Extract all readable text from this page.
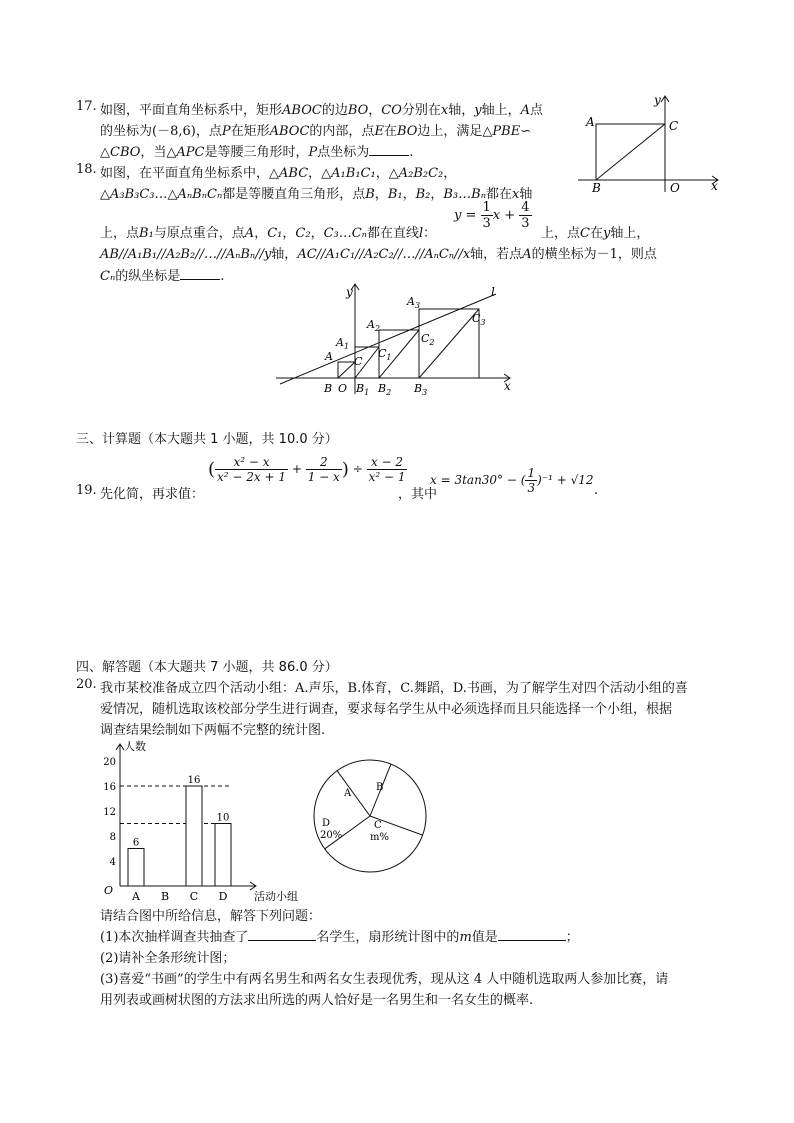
17. 如图，平面直角坐标系中，矩形ABOC的边BO，CO分别在x轴，y轴上，A点
的坐标为(－8,6)，点P在矩形ABOC的内部，点E在BO边上，满足△PBE∽
△CBO，当△APC是等腰三角形时，P点坐标为	.
A	C
B	O	x
y
18. 如图，在平面直角坐标系中，△ABC，△A₁B₁C₁，△A₂B₂C₂，
△A₃B₃C₃…△AₙBₙCₙ都是等腰直角三角形，点B，B₁，B₂，B₃…Bₙ都在x轴
上，点B₁与原点重合，点A，C₁，C₂，C₃…Cₙ都在直线l：
$y = \frac{1}{3}$ $x + \frac{4}{3}$
上，点C在y轴上，
AB//A₁B₁//A₂B₂//…//AₙBₙ//y轴，AC//A₁C₁//A₂C₂//…//AₙCₙ//x轴，若点A的横坐标为－1，则点
Cₙ的纵坐标是	.
y
x
l
A C
$A_1$
$C_1$
$A_2$
$C_2$
$A_3$
$C_3$
B O $B_1$ $B_2$ $B_3$
三、计算题（本大题共 1 小题，共 10.0 分）
19. 先化简，再求值：
( $\frac{\text{x² − x}}{\text{x² − 2x + 1}} + \frac{2}{1 - x}$ ) ÷ $\frac{x - 2}{\text{x² − 1}}$
，其中
x = 3tan30° − ( $\frac{1}{3} )^{-1} + √12$
.
四、解答题（本大题共 7 小题，共 86.0 分）
20. 我市某校准备成立四个活动小组：A.声乐，B.体育，C.舞蹈，D.书画，为了解学生对四个活动小组的喜
爱情况，随机选取该校部分学生进行调查，要求每名学生从中必须选择而且只能选择一个小组，根据
调查结果绘制如下两幅不完整的统计图.
人数
活动小组
O
4
8
12
16
20
A
6
B C
16
D
10
A
B
C
m%
D
20%
请结合图中所给信息，解答下列问题：
(1)本次抽样调查共抽查了	名学生，扇形统计图中的m值是	；
(2)请补全条形统计图；
(3)喜爱“书画”的学生中有两名男生和两名女生表现优秀，现从这 4 人中随机选取两人参加比赛，请
用列表或画树状图的方法求出所选的两人恰好是一名男生和一名女生的概率.
